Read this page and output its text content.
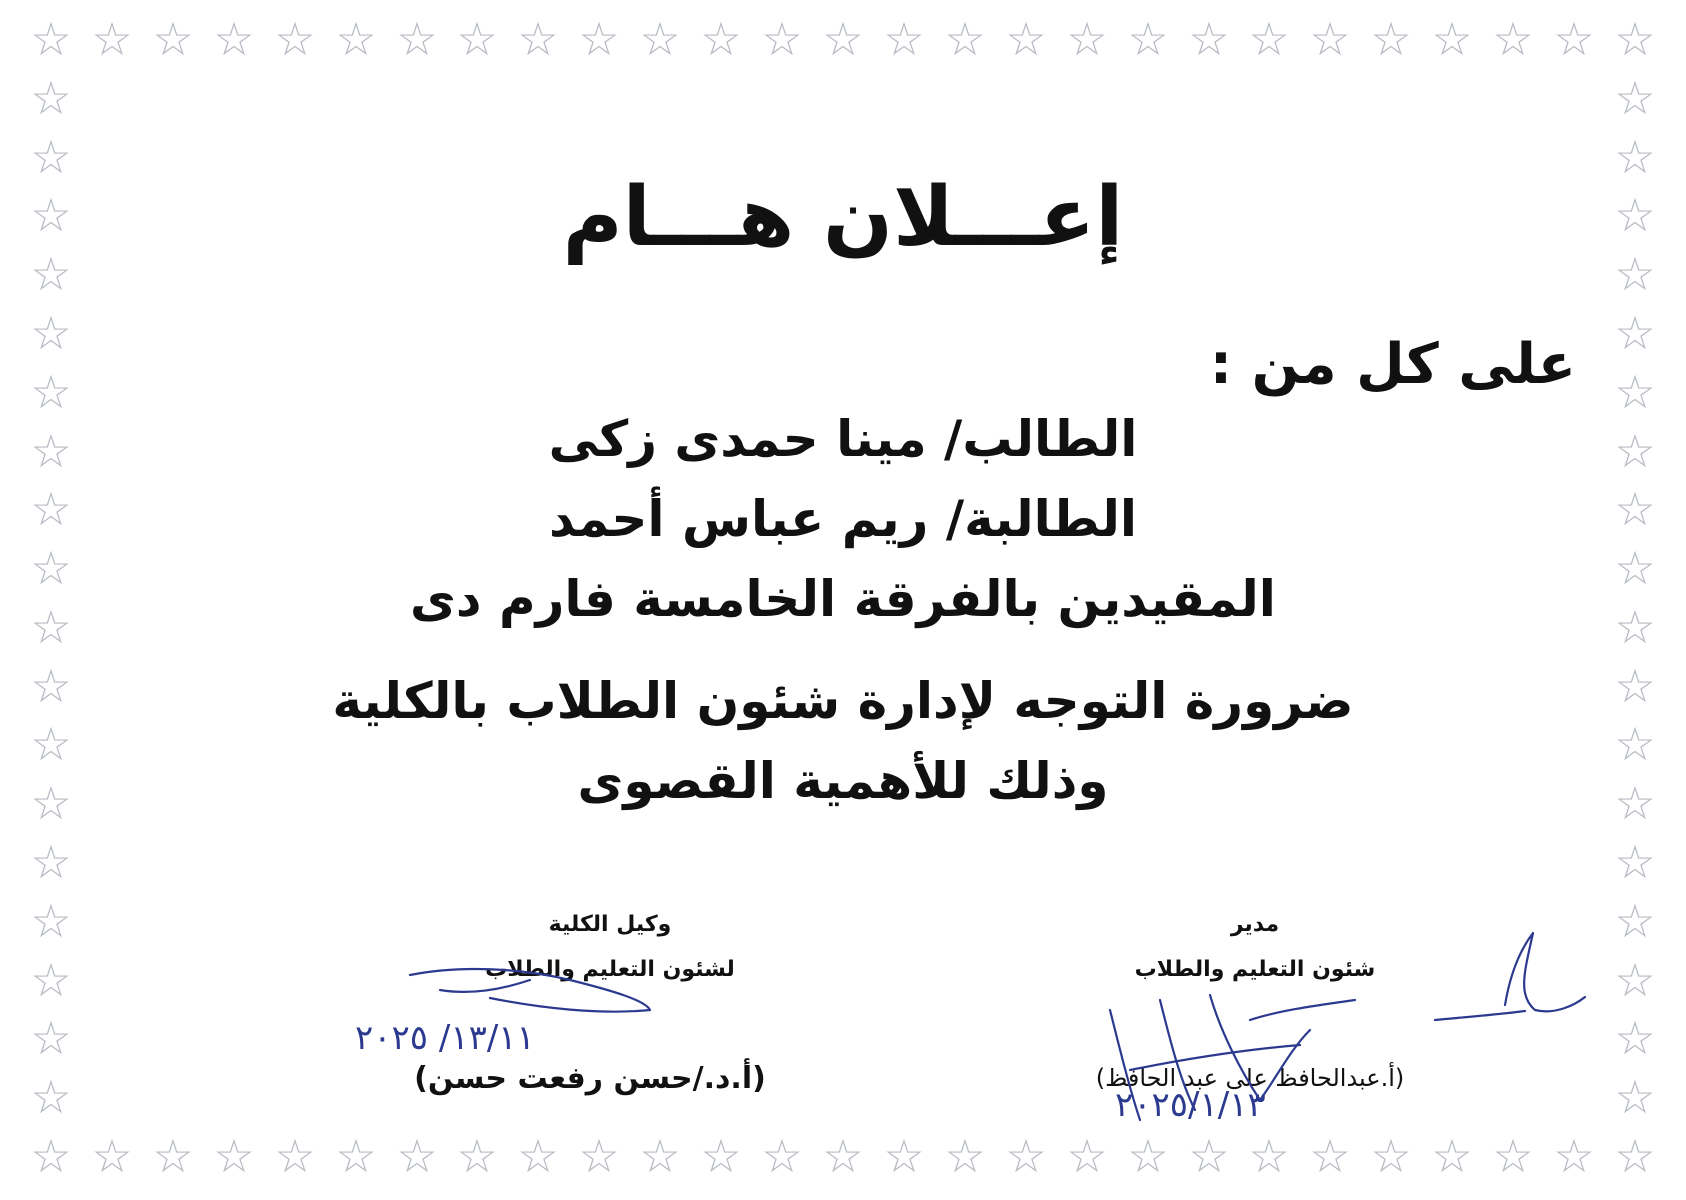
☆
☆
☆
☆
☆
☆
☆
☆
☆
☆
☆
☆
☆
☆
☆
☆
☆
☆
☆
☆
☆
☆
☆
☆
☆
☆
☆
☆
☆
☆
☆
☆
☆
☆
☆
☆
☆
☆
☆
☆
☆
☆
☆
☆
☆
☆
☆
☆
☆
☆
☆
☆
☆
☆
☆	☆
☆	☆
☆	☆
☆	☆
☆	☆
☆	☆
☆	☆
☆	☆
☆	☆
☆	☆
☆	☆
☆	☆
☆	☆
☆	☆
☆	☆
☆	☆
☆	☆
☆	☆
إعـــلان هـــام
على كل من :
الطالب/ مينا حمدى زكى
الطالبة/ ريم عباس أحمد
المقيدين بالفرقة الخامسة فارم دى
ضرورة التوجه لإدارة شئون الطلاب بالكلية
وذلك للأهمية القصوى
مدير
شئون التعليم والطلاب
(أ.عبدالحافظ على عبد الحافظ)
٢٠٢٥/١/١٣
وكيل الكلية
لشئون التعليم والطلاب
(أ.د./حسن رفعت حسن)
١٣/١١/ ٢٠٢٥
